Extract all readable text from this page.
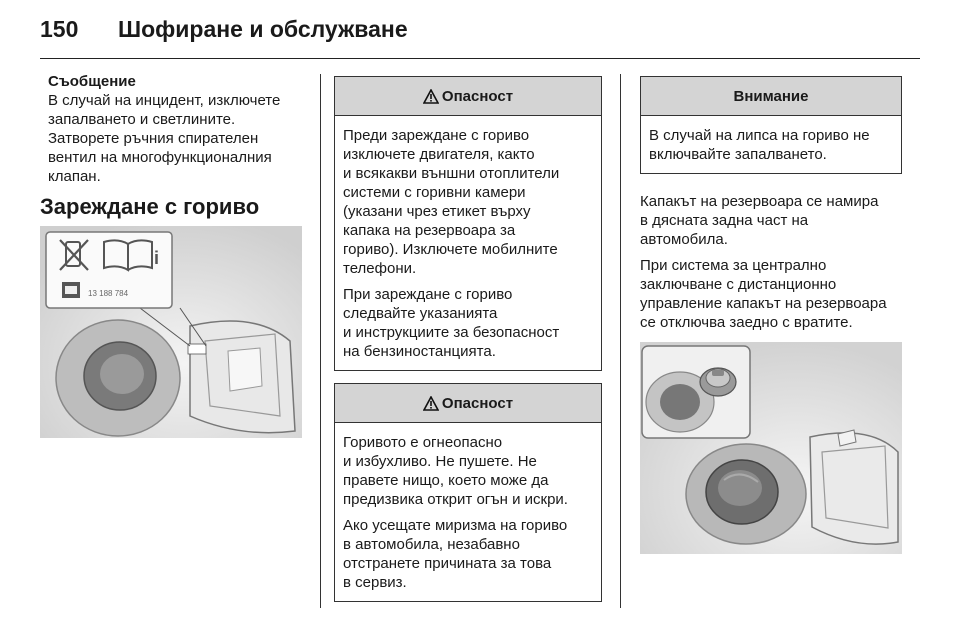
150 Шофиране и обслужване
Съобщение
В случай на инцидент, изключете
запалването и светлините.
Затворете ръчния спирателен
вентил на многофункционалния
клапан.
Зареждане с гориво
i
13 188 784
Опасност
Преди зареждане с гориво
изключете двигателя, както
и всякакви външни отоплители
системи с горивни камери
(указани чрез етикет върху
капака на резервоара за
гориво). Изключете мобилните
телефони.
При зареждане с гориво
следвайте указанията
и инструкциите за безопасност
на бензиностанцията.
Опасност
Горивото е огнеопасно
и избухливо. Не пушете. Не
правете нищо, което може да
предизвика открит огън и искри.
Ако усещате миризма на гориво
в автомобила, незабавно
отстранете причината за това
в сервиз.
Внимание
В случай на липса на гориво не
включвайте запалването.
Капакът на резервоара се намира
в дясната задна част на
автомобила.
При система за централно
заключване с дистанционно
управление капакът на резервоара
се отключва заедно с вратите.
